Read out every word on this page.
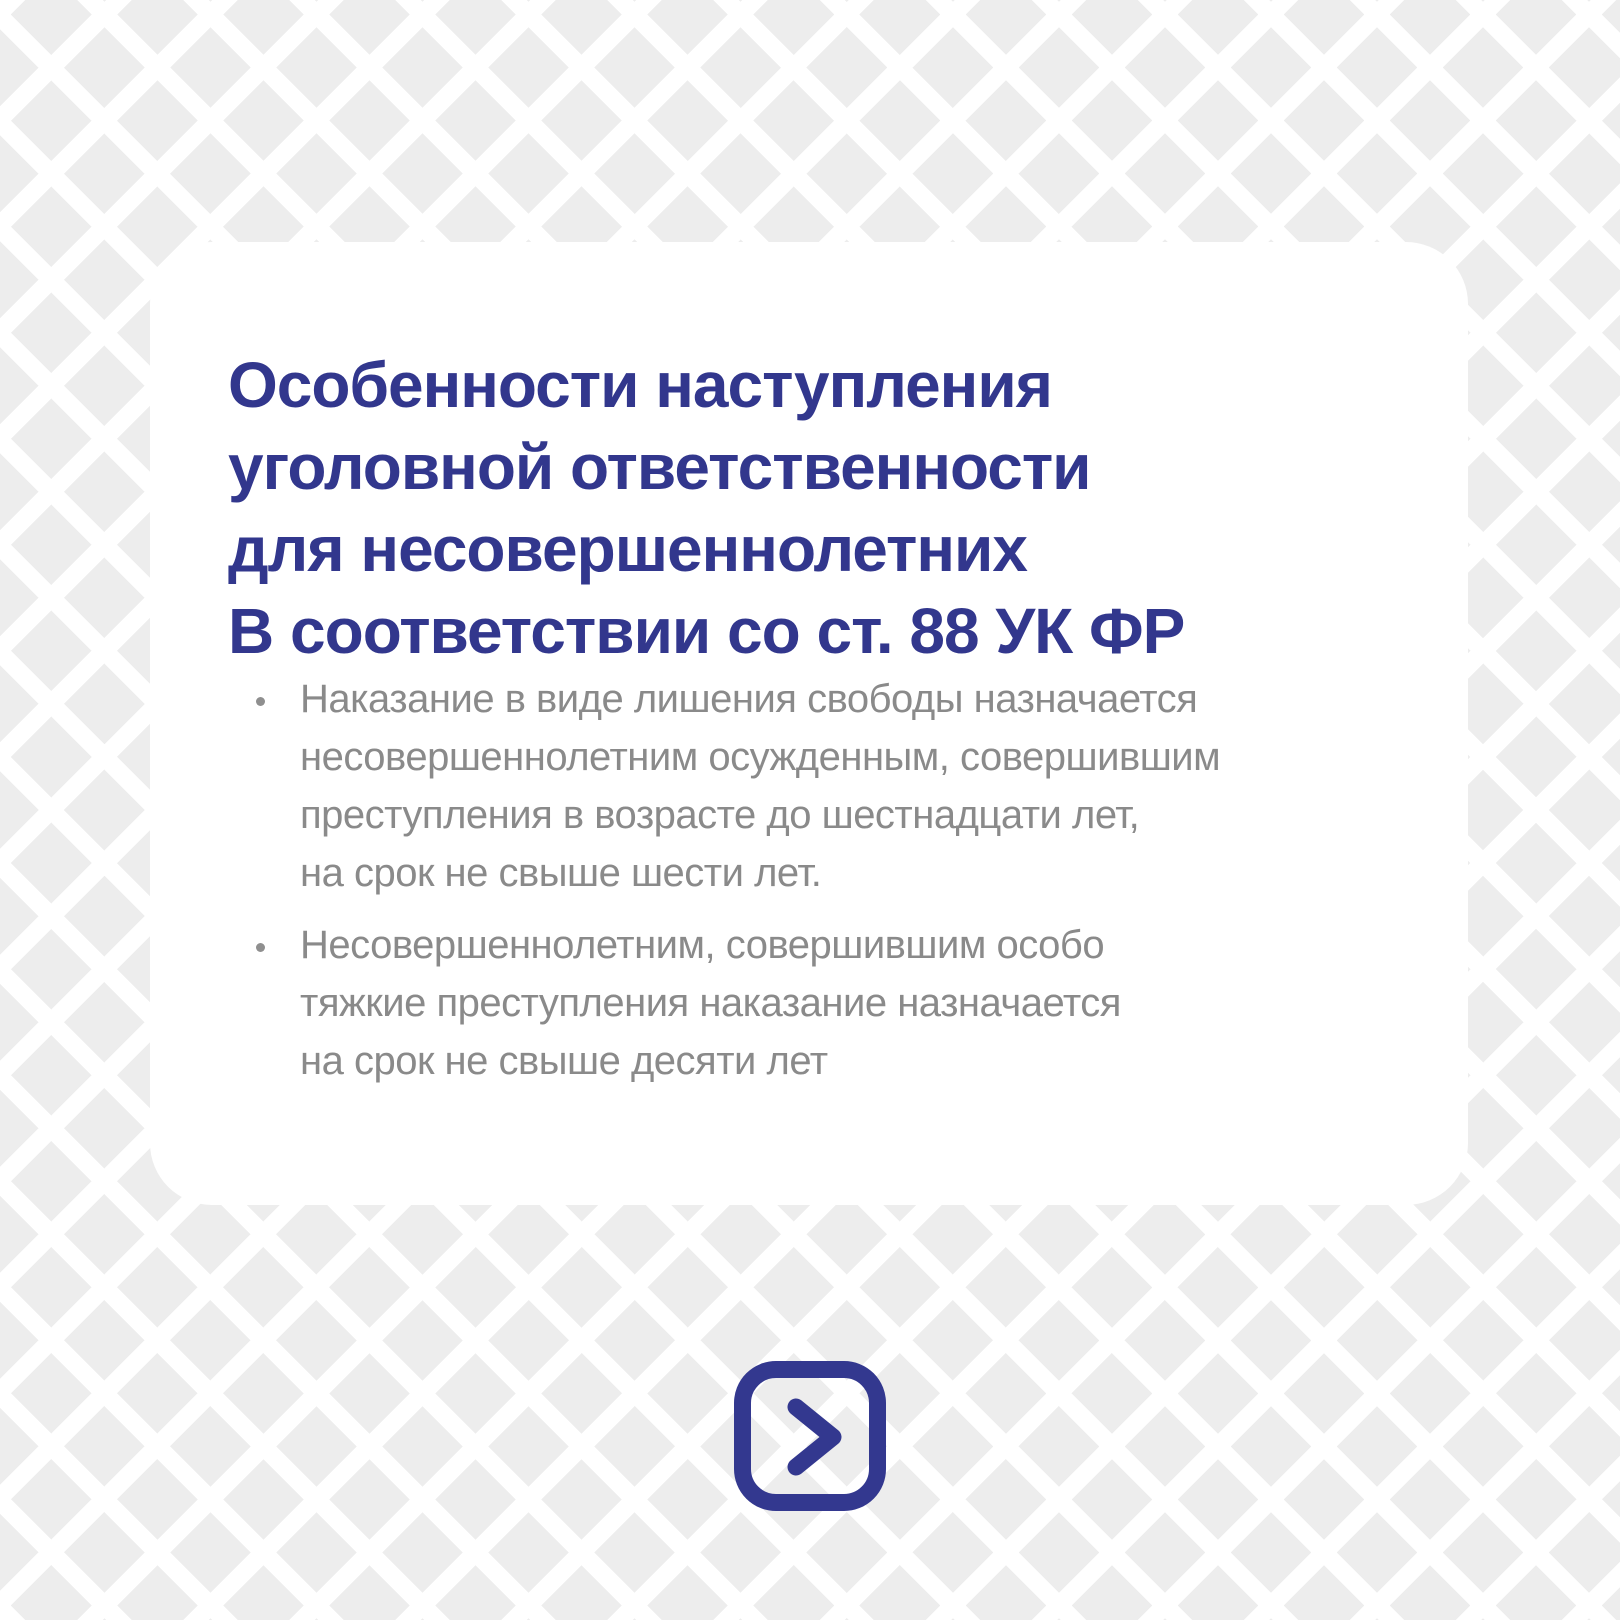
Особенности наступления
уголовной ответственности
для несовершеннолетних
В соответствии со ст. 88 УК ФР
Наказание в виде лишения свободы назначается
несовершеннолетним осужденным, совершившим
преступления в возрасте до шестнадцати лет,
на срок не свыше шести лет.
Несовершеннолетним, совершившим особо
тяжкие преступления наказание назначается
на срок не свыше десяти лет
